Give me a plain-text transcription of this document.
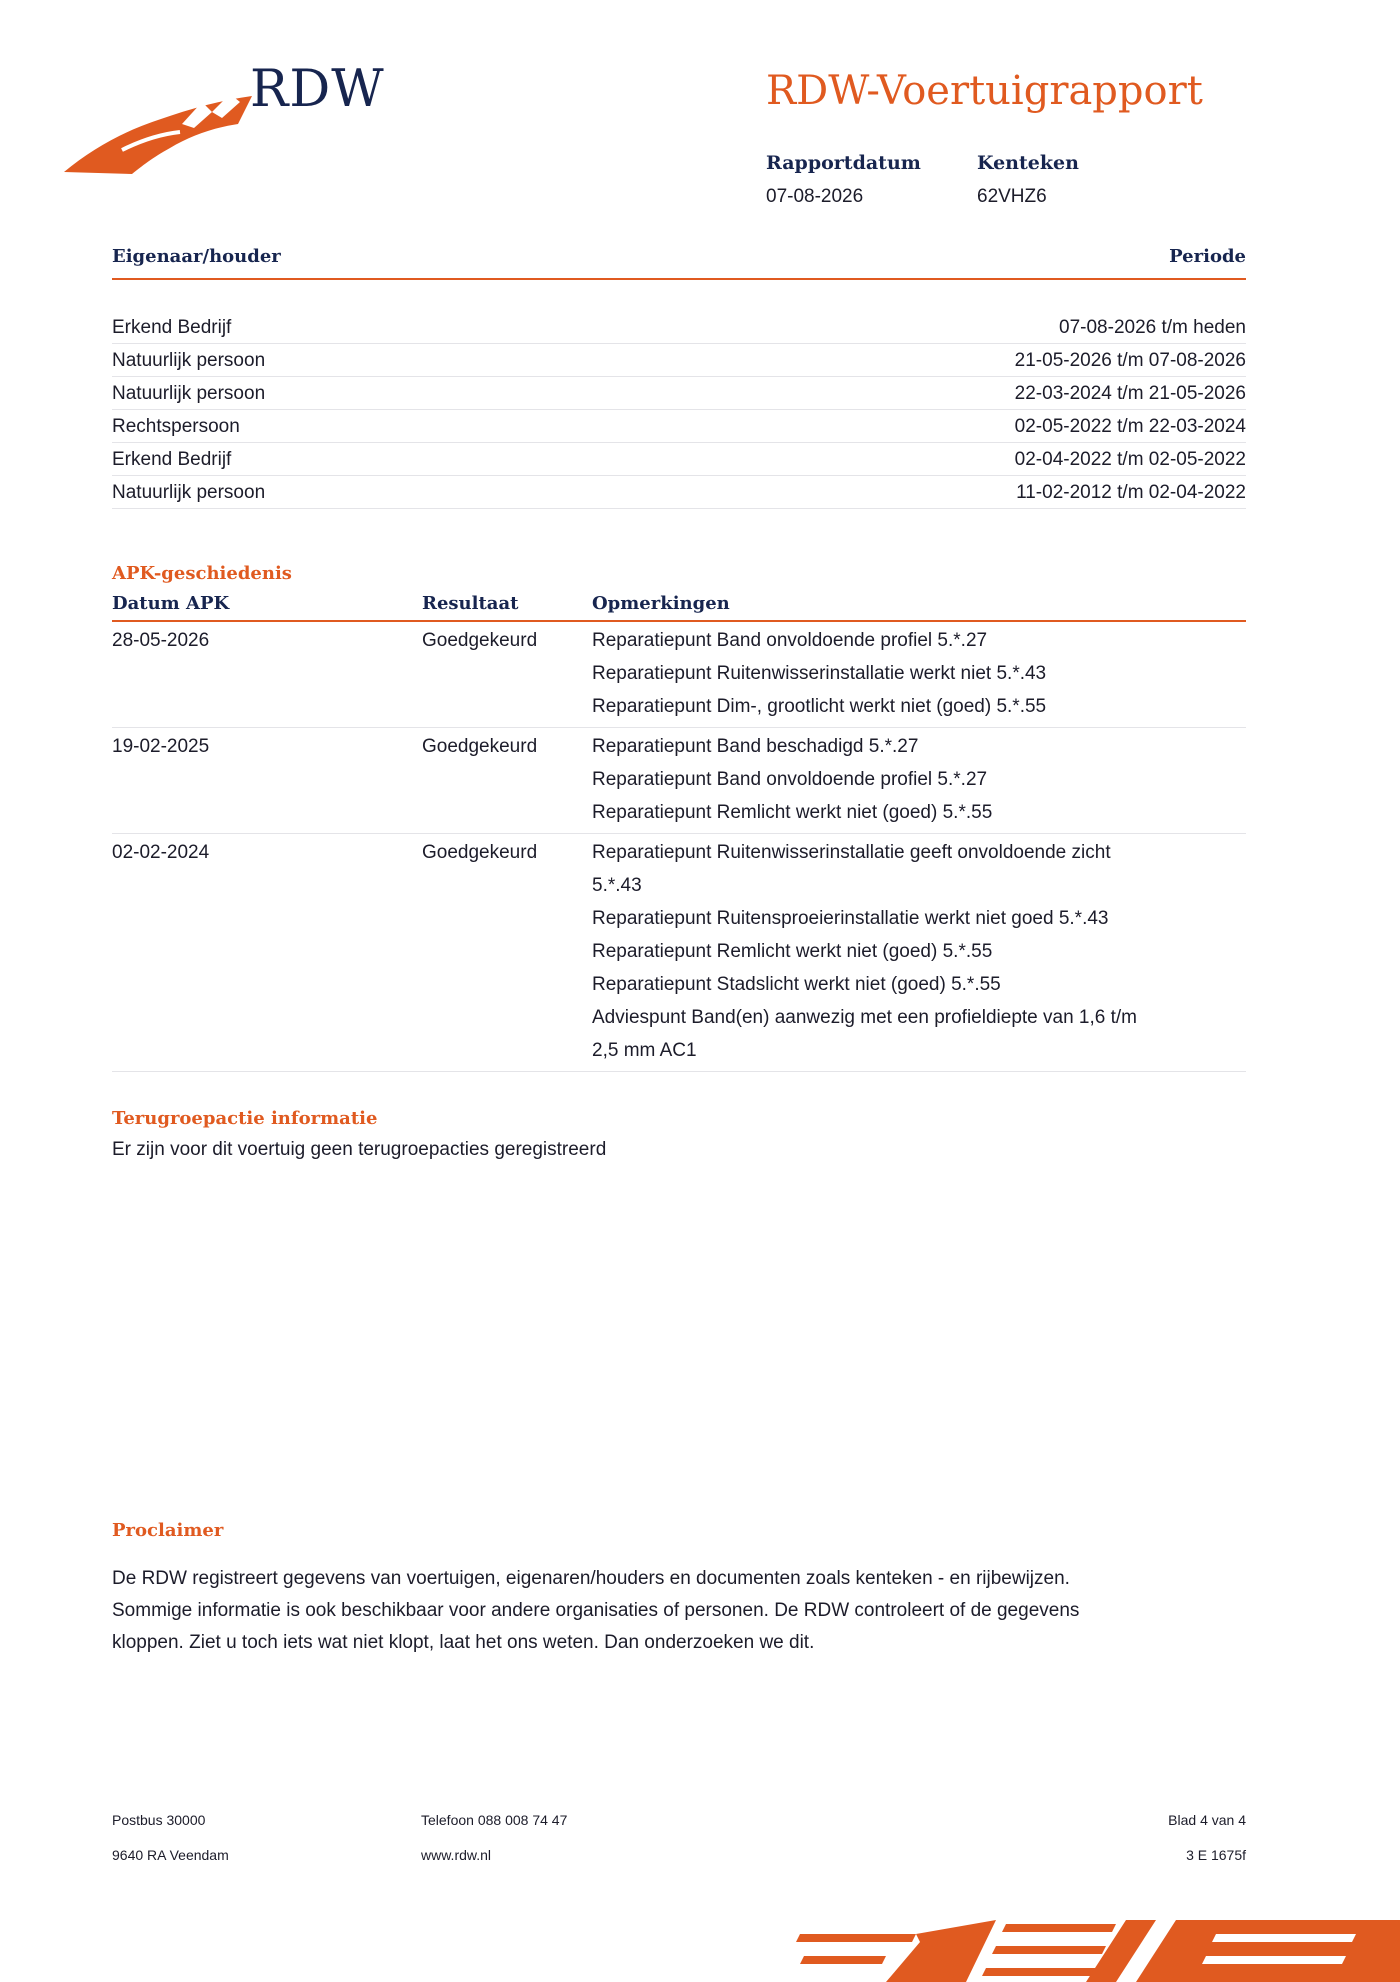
RDW	RDW-Voertuigrapport
Rapportdatum
07-08-2026
Kenteken
62VHZ6
Eigenaar/houder	Periode
Erkend Bedrijf	07-08-2026 t/m heden
Natuurlijk persoon	21-05-2026 t/m 07-08-2026
Natuurlijk persoon	22-03-2024 t/m 21-05-2026
Rechtspersoon	02-05-2022 t/m 22-03-2024
Erkend Bedrijf	02-04-2022 t/m 02-05-2022
Natuurlijk persoon	11-02-2012 t/m 02-04-2022
APK-geschiedenis
Datum APK	Resultaat	Opmerkingen
28-05-2026	Goedgekeurd	Reparatiepunt Band onvoldoende profiel 5.*.27
Reparatiepunt Ruitenwisserinstallatie werkt niet 5.*.43
Reparatiepunt Dim-, grootlicht werkt niet (goed) 5.*.55
19-02-2025	Goedgekeurd	Reparatiepunt Band beschadigd 5.*.27
Reparatiepunt Band onvoldoende profiel 5.*.27
Reparatiepunt Remlicht werkt niet (goed) 5.*.55
02-02-2024	Goedgekeurd	Reparatiepunt Ruitenwisserinstallatie geeft onvoldoende zicht
5.*.43
Reparatiepunt Ruitensproeierinstallatie werkt niet goed 5.*.43
Reparatiepunt Remlicht werkt niet (goed) 5.*.55
Reparatiepunt Stadslicht werkt niet (goed) 5.*.55
Adviespunt Band(en) aanwezig met een profieldiepte van 1,6 t/m
2,5 mm AC1
Terugroepactie informatie
Er zijn voor dit voertuig geen terugroepacties geregistreerd
Proclaimer
De RDW registreert gegevens van voertuigen, eigenaren/houders en documenten zoals kenteken - en rijbewijzen.
Sommige informatie is ook beschikbaar voor andere organisaties of personen. De RDW controleert of de gegevens
kloppen. Ziet u toch iets wat niet klopt, laat het ons weten. Dan onderzoeken we dit.
Postbus 30000
9640 RA Veendam
Telefoon 088 008 74 47
www.rdw.nl
Blad 4 van 4
3 E 1675f
